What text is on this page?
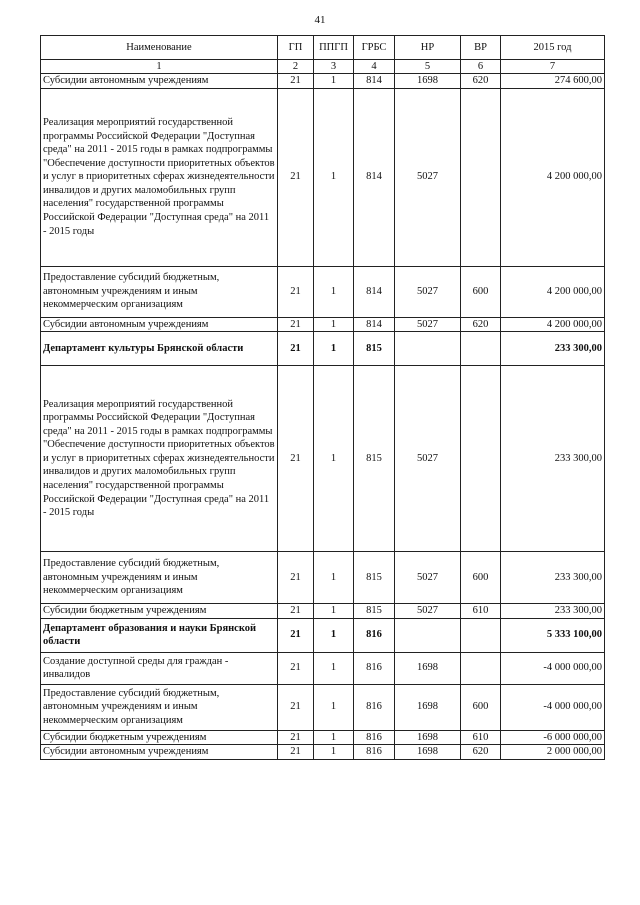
41
Наименование	ГП	ППГП	ГРБС	НР	ВР	2015 год
1	2	3	4	5	6	7
Субсидии автономным учреждениям	21	1	814	1698	620	274 600,00
Реализация мероприятий государственной программы Российской Федерации "Доступная среда" на 2011 - 2015 годы в рамках подпрограммы "Обеспечение доступности приоритетных объектов и услуг в приоритетных сферах жизнедеятельности инвалидов и других маломобильных групп населения" государственной программы Российской Федерации "Доступная среда" на 2011 - 2015 годы	21	1	814	5027		4 200 000,00
Предоставление субсидий бюджетным, автономным учреждениям и иным некоммерческим организациям	21	1	814	5027	600	4 200 000,00
Субсидии автономным учреждениям	21	1	814	5027	620	4 200 000,00
Департамент культуры Брянской области	21	1	815			233 300,00
Реализация мероприятий государственной программы Российской Федерации "Доступная среда" на 2011 - 2015 годы в рамках подпрограммы "Обеспечение доступности приоритетных объектов и услуг в приоритетных сферах жизнедеятельности инвалидов и других маломобильных групп населения" государственной программы Российской Федерации "Доступная среда" на 2011 - 2015 годы	21	1	815	5027		233 300,00
Предоставление субсидий бюджетным, автономным учреждениям и иным некоммерческим организациям	21	1	815	5027	600	233 300,00
Субсидии бюджетным учреждениям	21	1	815	5027	610	233 300,00
Департамент образования и науки Брянской области	21	1	816			5 333 100,00
Создание доступной среды для граждан - инвалидов	21	1	816	1698		-4 000 000,00
Предоставление субсидий бюджетным, автономным учреждениям и иным некоммерческим организациям	21	1	816	1698	600	-4 000 000,00
Субсидии бюджетным учреждениям	21	1	816	1698	610	-6 000 000,00
Субсидии автономным учреждениям	21	1	816	1698	620	2 000 000,00
